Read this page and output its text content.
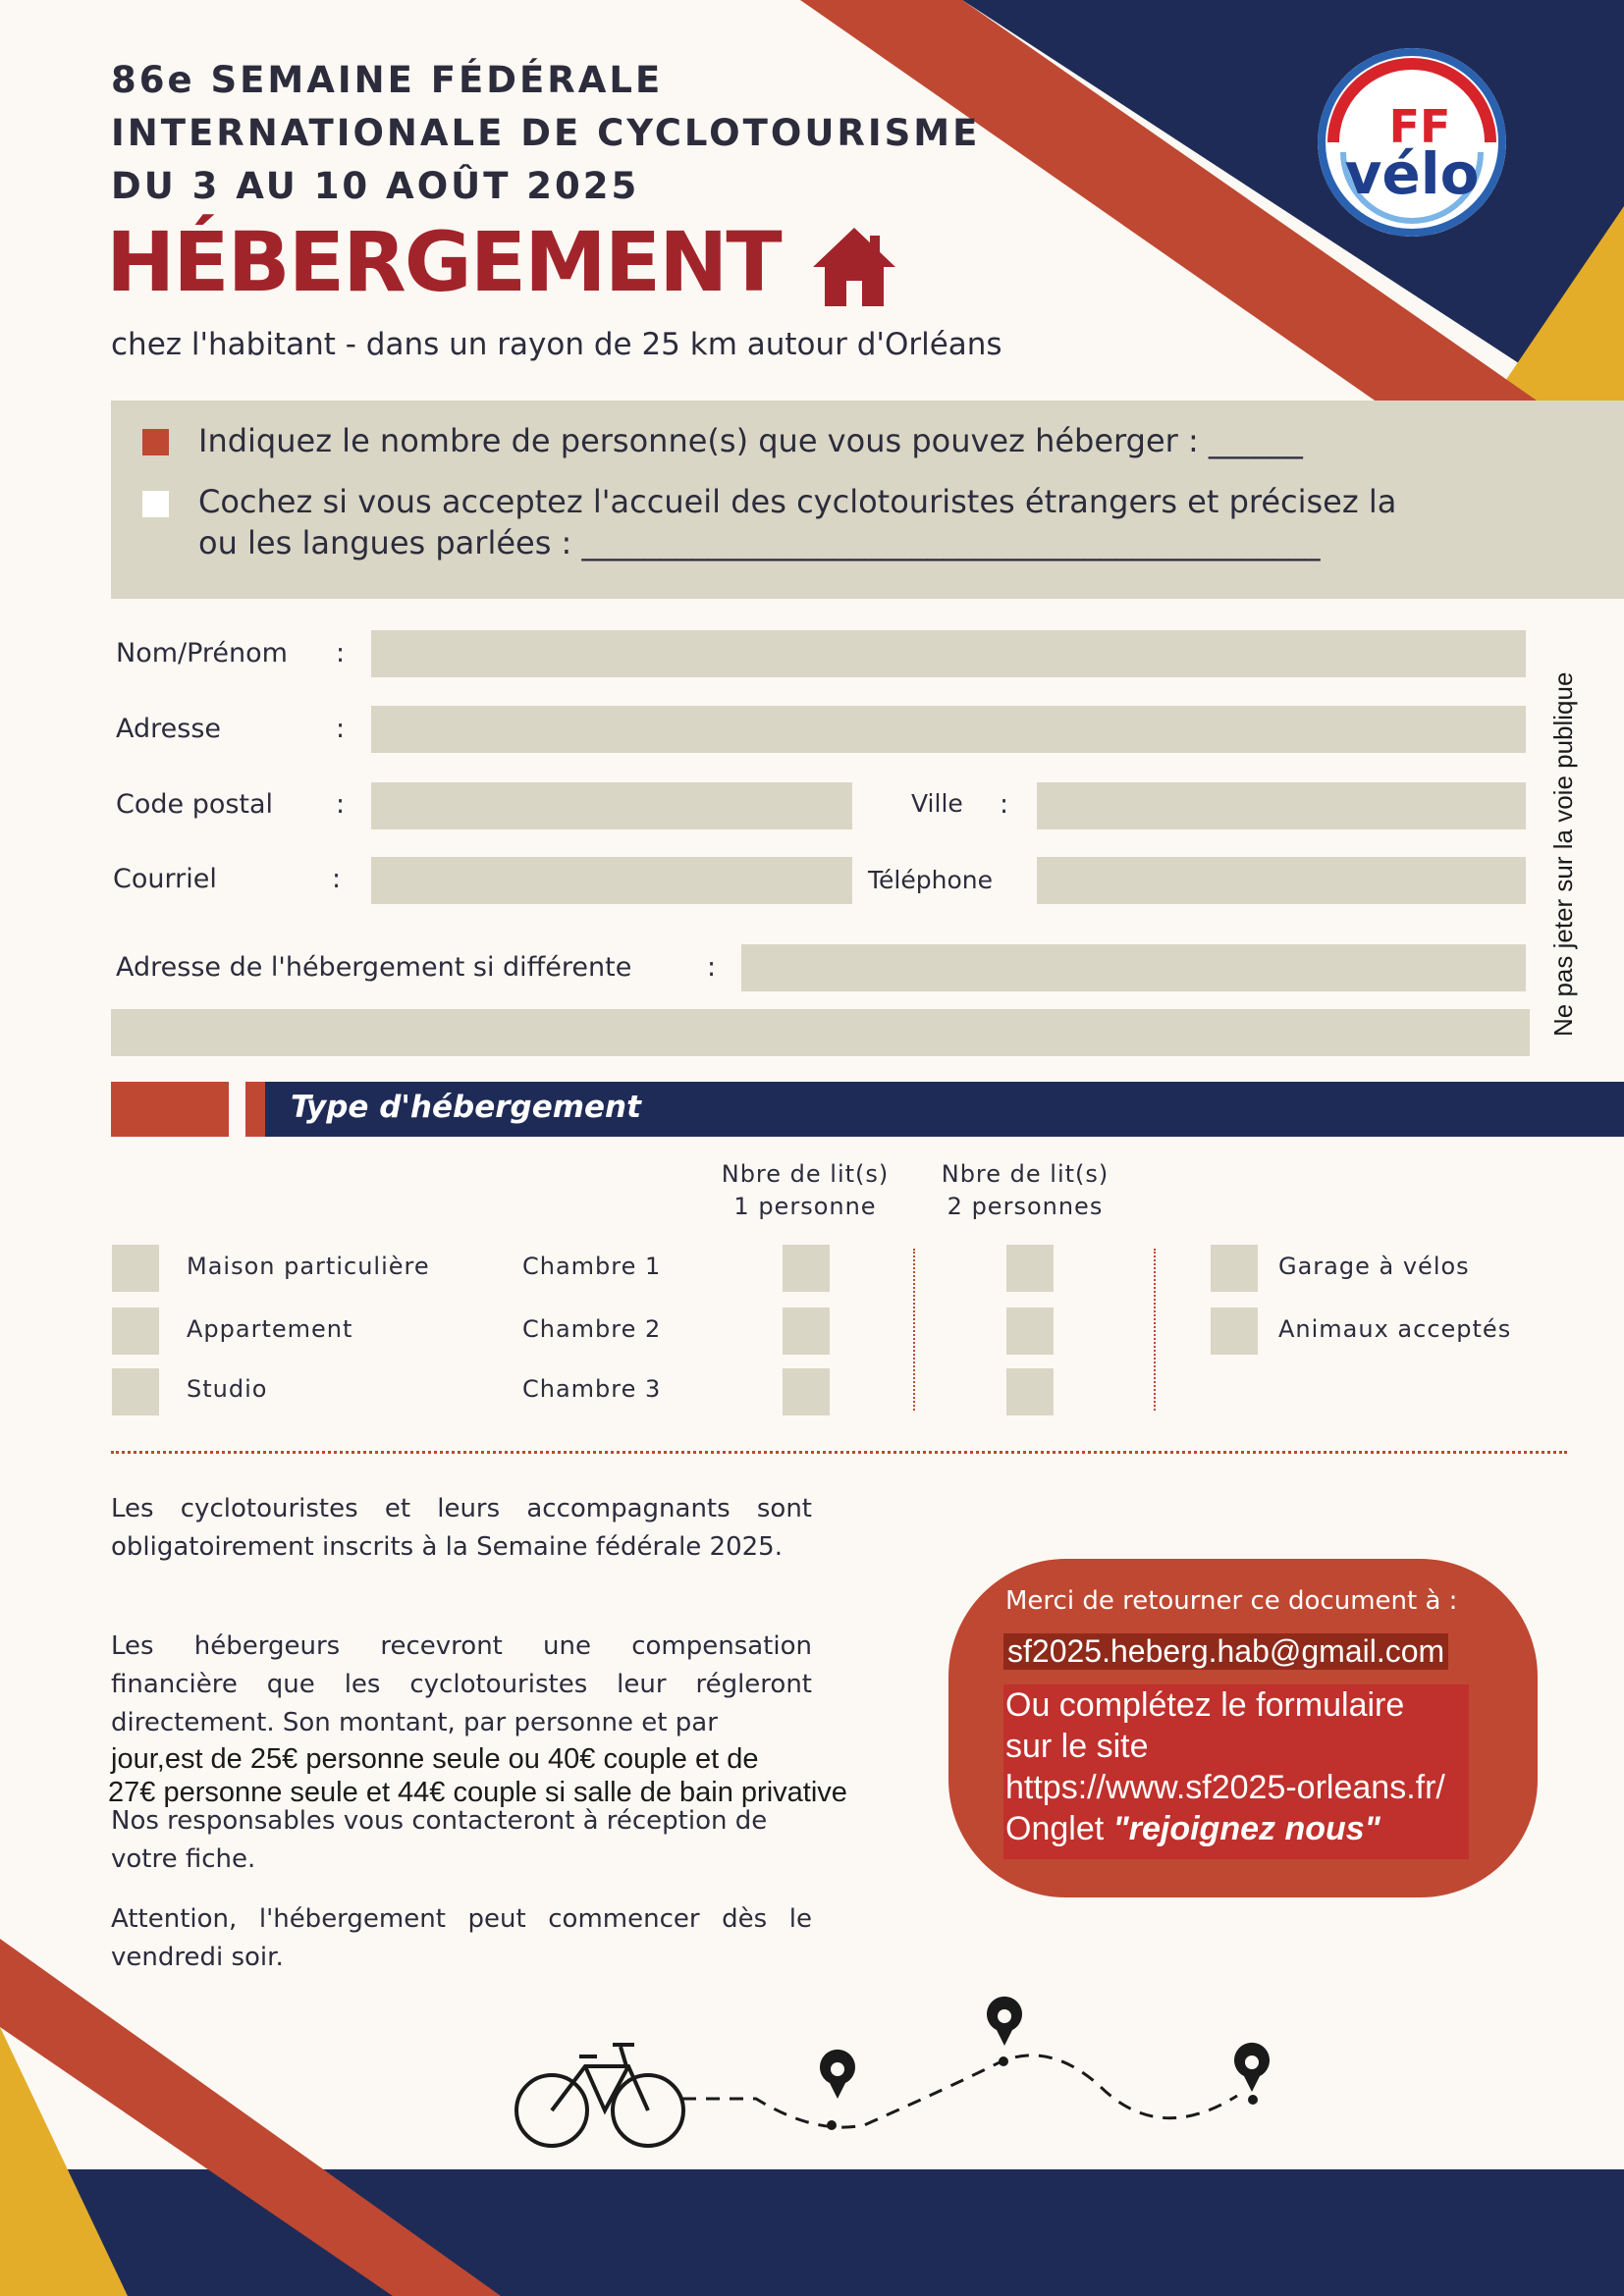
86e SEMAINE FÉDÉRALE
INTERNATIONALE DE CYCLOTOURISME
DU 3 AU 10 AOÛT 2025
HÉBERGEMENT
chez l'habitant - dans un rayon de 25 km autour d'Orléans
FF
vélo
Indiquez le nombre de personne(s) que vous pouvez héberger : ______
Cochez si vous acceptez l'accueil des cyclotouristes étrangers et précisez la
ou les langues parlées : _______________________________________________
Nom/Prénom :
Adresse	:
Code postal :	Ville :
Courriel	:	Téléphone
Adresse de l'hébergement si différente	:	Ne pas jeter sur la voie publique
Type d'hébergement
Nbre de lit(s)
1 personne
Nbre de lit(s)
2 personnes
Maison particulière	Chambre 1	Garage à vélos
Appartement	Chambre 2	Animaux acceptés
Studio	Chambre 3
Les cyclotouristes et leurs accompagnants sont obligatoirement inscrits à la Semaine fédérale 2025.
Les hébergeurs recevront une compensation financière que les cyclotouristes leur régleront directement. Son montant, par personne et par
jour,est de 25€ personne seule ou 40€ couple et de
27€ personne seule et 44€ couple si salle de bain privative
Nos responsables vous contacteront à réception de votre fiche.
Attention, l'hébergement peut commencer dès le vendredi soir.
Merci de retourner ce document à :
sf2025.heberg.hab@gmail.com
Ou complétez le formulaire
sur le site
https://www.sf2025-orleans.fr/
Onglet "rejoignez nous"
